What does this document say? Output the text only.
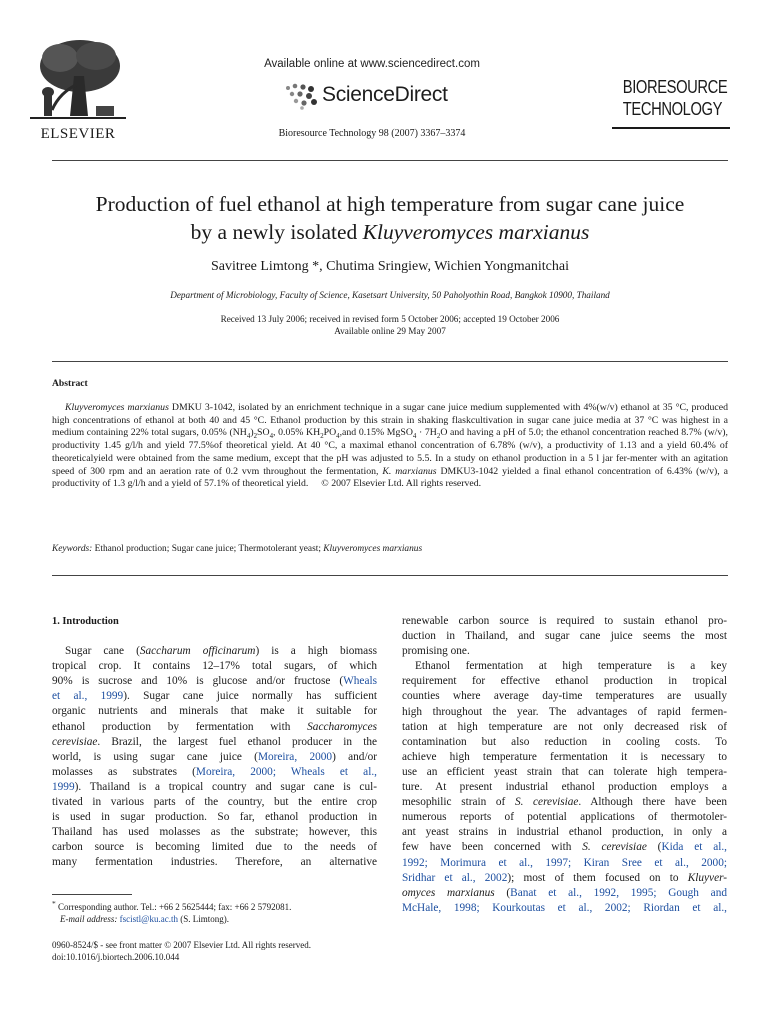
ELSEVIER
Available online at www.sciencedirect.com
ScienceDirect
Bioresource Technology 98 (2007) 3367–3374
BIORESOURCE
TECHNOLOGY
Production of fuel ethanol at high temperature from sugar cane juice
by a newly isolated Kluyveromyces marxianus
Savitree Limtong *, Chutima Sringiew, Wichien Yongmanitchai
Department of Microbiology, Faculty of Science, Kasetsart University, 50 Paholyothin Road, Bangkok 10900, Thailand
Received 13 July 2006; received in revised form 5 October 2006; accepted 19 October 2006
Available online 29 May 2007
Abstract
Kluyveromyces marxianus DMKU 3-1042, isolated by an enrichment technique in a sugar cane juice medium supplemented with 4%(w/v) ethanol at 35 °C, produced high concentrations of ethanol at both 40 and 45 °C. Ethanol production by this strain in shaking flaskcultivation in sugar cane juice media at 37 °C was highest in a medium containing 22% total sugars, 0.05% $(NH_4)_2SO_4$, 0.05% $KH_2PO_4,and$ 0.15% MgSO$_4$ · $7H_2O$ and having a pH of 5.0; the ethanol concentration reached 8.7% (w/v), productivity 1.45 g/l/h and yield 77.5%of theoretical yield. At 40 °C, a maximal ethanol concentration of 6.78% (w/v), a productivity of 1.13 and a yield 60.4% of theoreticalyield were obtained from the same medium, except that the pH was adjusted to 5.5. In a study on ethanol production in a 5 l jar fer-menter with an agitation speed of 300 rpm and an aeration rate of 0.2 vvm throughout the fermentation, K. marxianus DMKU3-1042 yielded a final ethanol concentration of 6.43% (w/v), a productivity of 1.3 g/l/h and a yield of 57.1% of theoretical yield. © 2007 Elsevier Ltd. All rights reserved.
Keywords: Ethanol production; Sugar cane juice; Thermotolerant yeast; Kluyveromyces marxianus
1. Introduction
Sugar cane (Saccharum officinarum) is a high biomass
tropical crop. It contains 12–17% total sugars, of which
90% is sucrose and 10% is glucose and/or fructose (Wheals
et al., 1999). Sugar cane juice normally has sufficient
organic nutrients and minerals that make it suitable for
ethanol production by fermentation with Saccharomyces
cerevisiae. Brazil, the largest fuel ethanol producer in the
world, is using sugar cane juice (Moreira, 2000) and/or
molasses as substrates (Moreira, 2000; Wheals et al.,
1999). Thailand is a tropical country and sugar cane is cul-
tivated in various parts of the country, but the entire crop
is used in sugar production. So far, ethanol production in
Thailand has used molasses as the substrate; however, this
carbon source is becoming limited due to the needs of
many fermentation industries. Therefore, an alternative
renewable carbon source is required to sustain ethanol pro-
duction in Thailand, and sugar cane juice seems the most
promising one.
Ethanol fermentation at high temperature is a key
requirement for effective ethanol production in tropical
counties where average day-time temperatures are usually
high throughout the year. The advantages of rapid fermen-
tation at high temperature are not only decreased risk of
contamination but also reduction in cooling costs. To
achieve high temperature fermentation it is necessary to
use an efficient yeast strain that can tolerate high tempera-
ture. At present industrial ethanol production employs a
mesophilic strain of S. cerevisiae. Although there have been
numerous reports of potential applications of thermotoler-
ant yeast strains in industrial ethanol production, in only a
few have been concerned with S. cerevisiae (Kida et al.,
1992; Morimura et al., 1997; Kiran Sree et al., 2000;
Sridhar et al., 2002); most of them focused on to Kluyver-
omyces marxianus (Banat et al., 1992, 1995; Gough and
McHale, 1998; Kourkoutas et al., 2002; Riordan et al.,
* Corresponding author. Tel.: +66 2 5625444; fax: +66 2 5792081.
E-mail address: fscistl@ku.ac.th (S. Limtong).
0960-8524/$ - see front matter © 2007 Elsevier Ltd. All rights reserved.
doi:10.1016/j.biortech.2006.10.044
